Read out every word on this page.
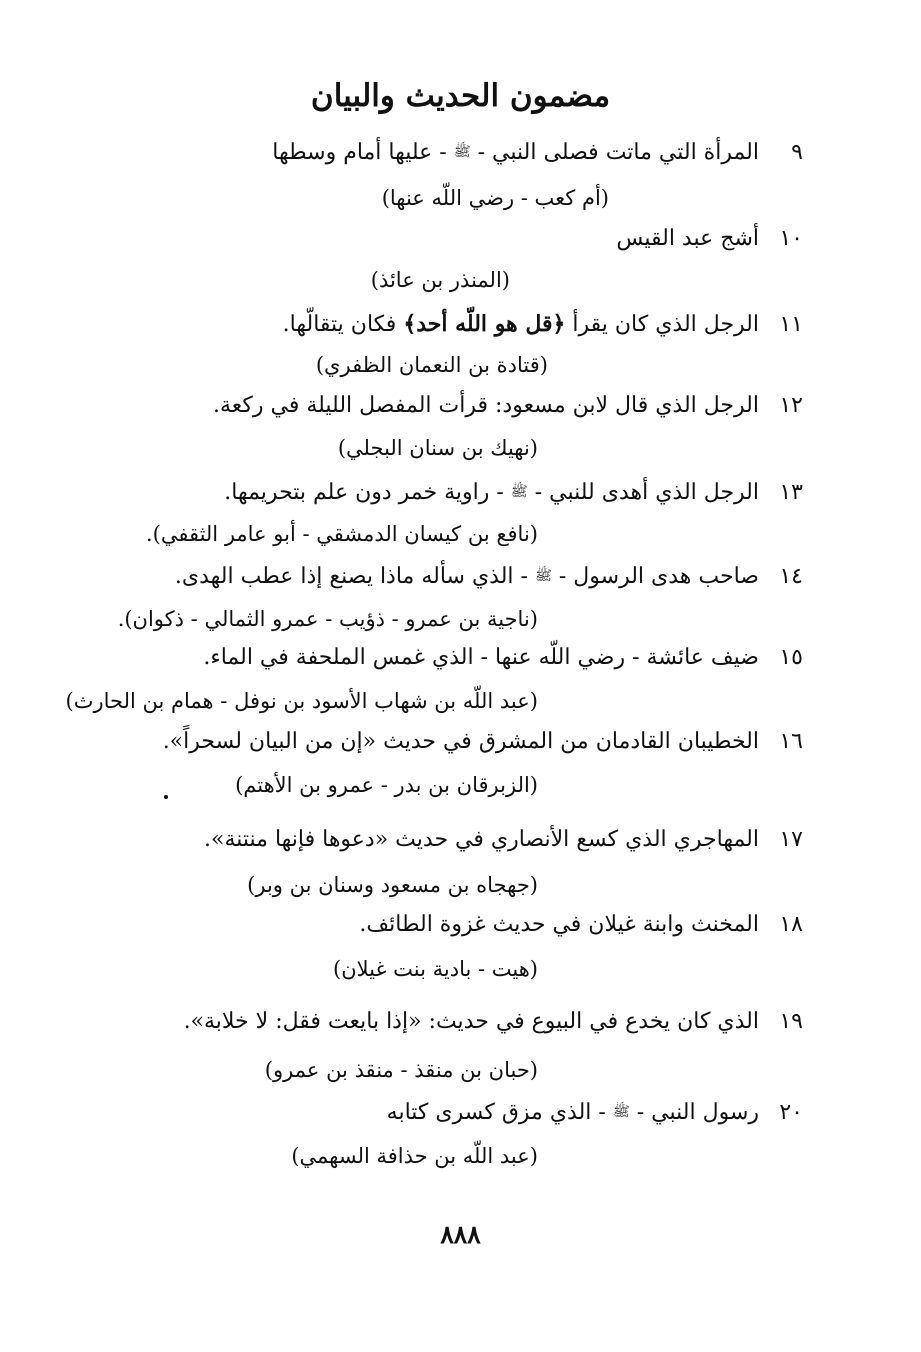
مضمون الحديث والبيان
٩المرأة التي ماتت فصلى النبي - ﷺ - عليها أمام وسطها
(أم كعب - رضي اللّه عنها)
١٠أشج عبد القيس
(المنذر بن عائذ)
١١الرجل الذي كان يقرأ ﴿قل هو اللّه أحد﴾ فكان يتقالّها.
(قتادة بن النعمان الظفري)
١٢الرجل الذي قال لابن مسعود: قرأت المفصل الليلة في ركعة.
(نهيك بن سنان البجلي)
١٣الرجل الذي أهدى للنبي - ﷺ - راوية خمر دون علم بتحريمها.
(نافع بن كيسان الدمشقي - أبو عامر الثقفي).
١٤صاحب هدى الرسول - ﷺ - الذي سأله ماذا يصنع إذا عطب الهدى.
(ناجية بن عمرو - ذؤيب - عمرو الثمالي - ذكوان).
١٥ضيف عائشة - رضي اللّه عنها - الذي غمس الملحفة في الماء.
(عبد اللّه بن شهاب الأسود بن نوفل - همام بن الحارث)
١٦الخطيبان القادمان من المشرق في حديث «إن من البيان لسحراً».
(الزبرقان بن بدر - عمرو بن الأهتم)
١٧المهاجري الذي كسع الأنصاري في حديث «دعوها فإنها منتنة».
(جهجاه بن مسعود وسنان بن وبر)
١٨المخنث وابنة غيلان في حديث غزوة الطائف.
(هيت - بادية بنت غيلان)
١٩الذي كان يخدع في البيوع في حديث: «إذا بايعت فقل: لا خلابة».
(حبان بن منقذ - منقذ بن عمرو)
٢٠رسول النبي - ﷺ - الذي مزق كسرى كتابه
(عبد اللّه بن حذافة السهمي)
٨٨٨
